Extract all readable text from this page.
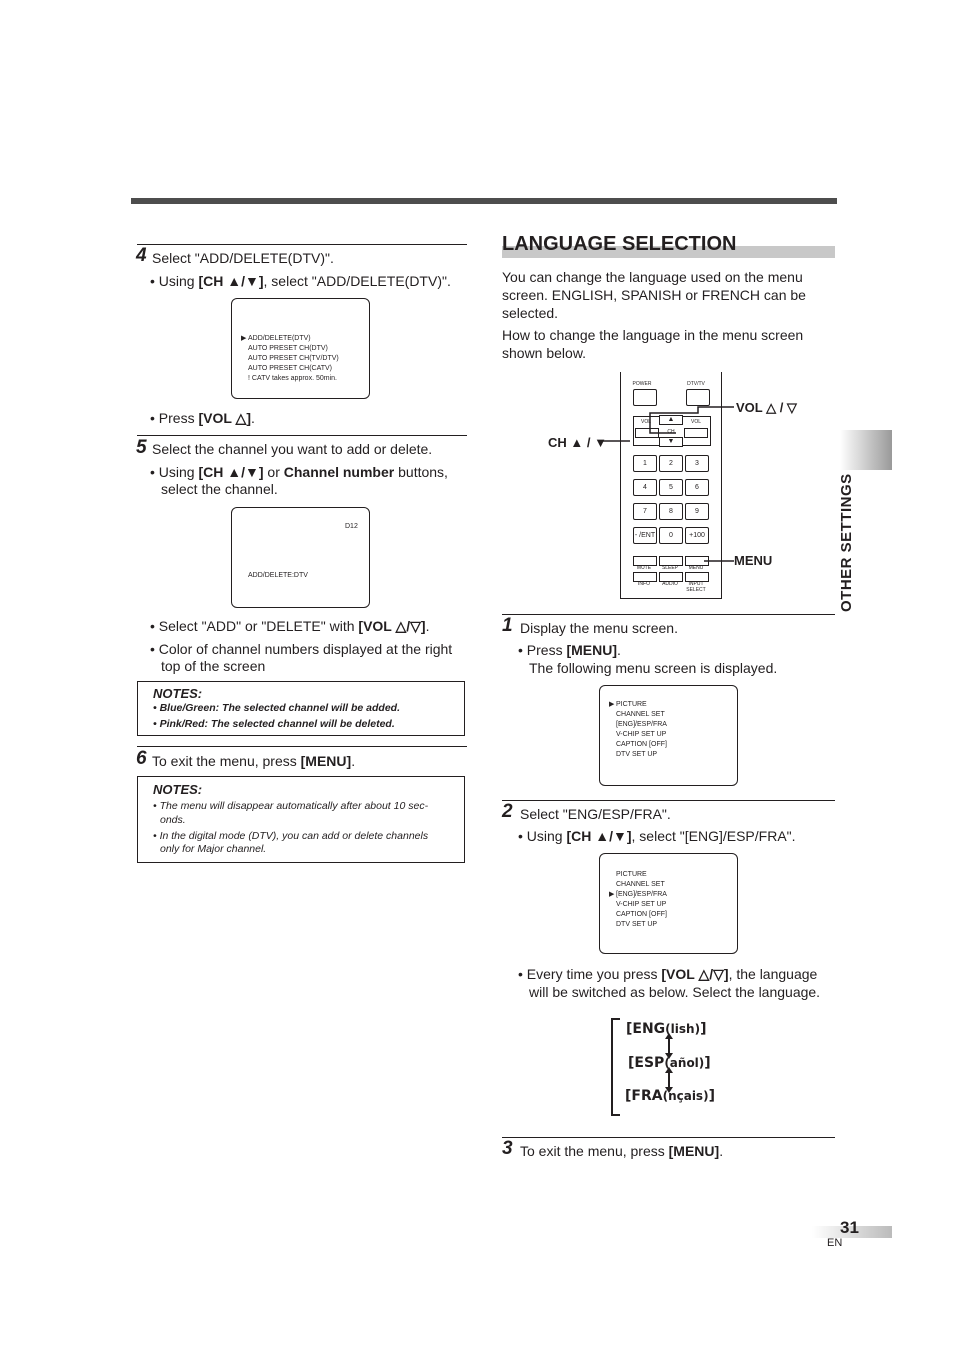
4 Select "ADD/DELETE(DTV)".
• Using [CH ▲/▼], select "ADD/DELETE(DTV)".
▶ ADD/DELETE(DTV)
AUTO PRESET CH(DTV)
AUTO PRESET CH(TV/DTV)
AUTO PRESET CH(CATV)
! CATV takes approx. 50min.
• Press [VOL △].
5 Select the channel you want to add or delete.
• Using [CH ▲/▼] or Channel number buttons,
select the channel.
D12
ADD/DELETE:DTV
• Select "ADD" or "DELETE" with [VOL △/▽].
• Color of channel numbers displayed at the right
top of the screen
NOTES:
• Blue/Green: The selected channel will be added.
• Pink/Red: The selected channel will be deleted.
6 To exit the menu, press [MENU].
NOTES:
• The menu will disappear automatically after about 10 sec-
onds.
• In the digital mode (DTV), you can add or delete channels
only for Major channel.
LANGUAGE SELECTION
You can change the language used on the menu
screen. ENGLISH, SPANISH or FRENCH can be
selected.
How to change the language in the menu screen
shown below.
POWER	DTV/TV
VOL	VOL
CH
▲
▼
1	2	3
4	5	6
7	8	9
- /ENT	0	+100
MUTE	SLEEP	MENU
INFO	AUDIO	INPUT SELECT
VOL △ / ▽
CH ▲ / ▼
MENU
1 Display the menu screen.
• Press [MENU].
The following menu screen is displayed.
▶ PICTURE
CHANNEL SET
[ENG]/ESP/FRA
V-CHIP SET UP
CAPTION [OFF]
DTV SET UP
2 Select "ENG/ESP/FRA".
• Using [CH ▲/▼], select "[ENG]/ESP/FRA".
PICTURE
CHANNEL SET
▶ [ENG]/ESP/FRA
V-CHIP SET UP
CAPTION [OFF]
DTV SET UP
• Every time you press [VOL △/▽], the language
will be switched as below. Select the language.
[ENG(lish)]
[ESP(añol)]
[FRA(nçais)]
3 To exit the menu, press [MENU].
OTHER SETTINGS
31
EN
